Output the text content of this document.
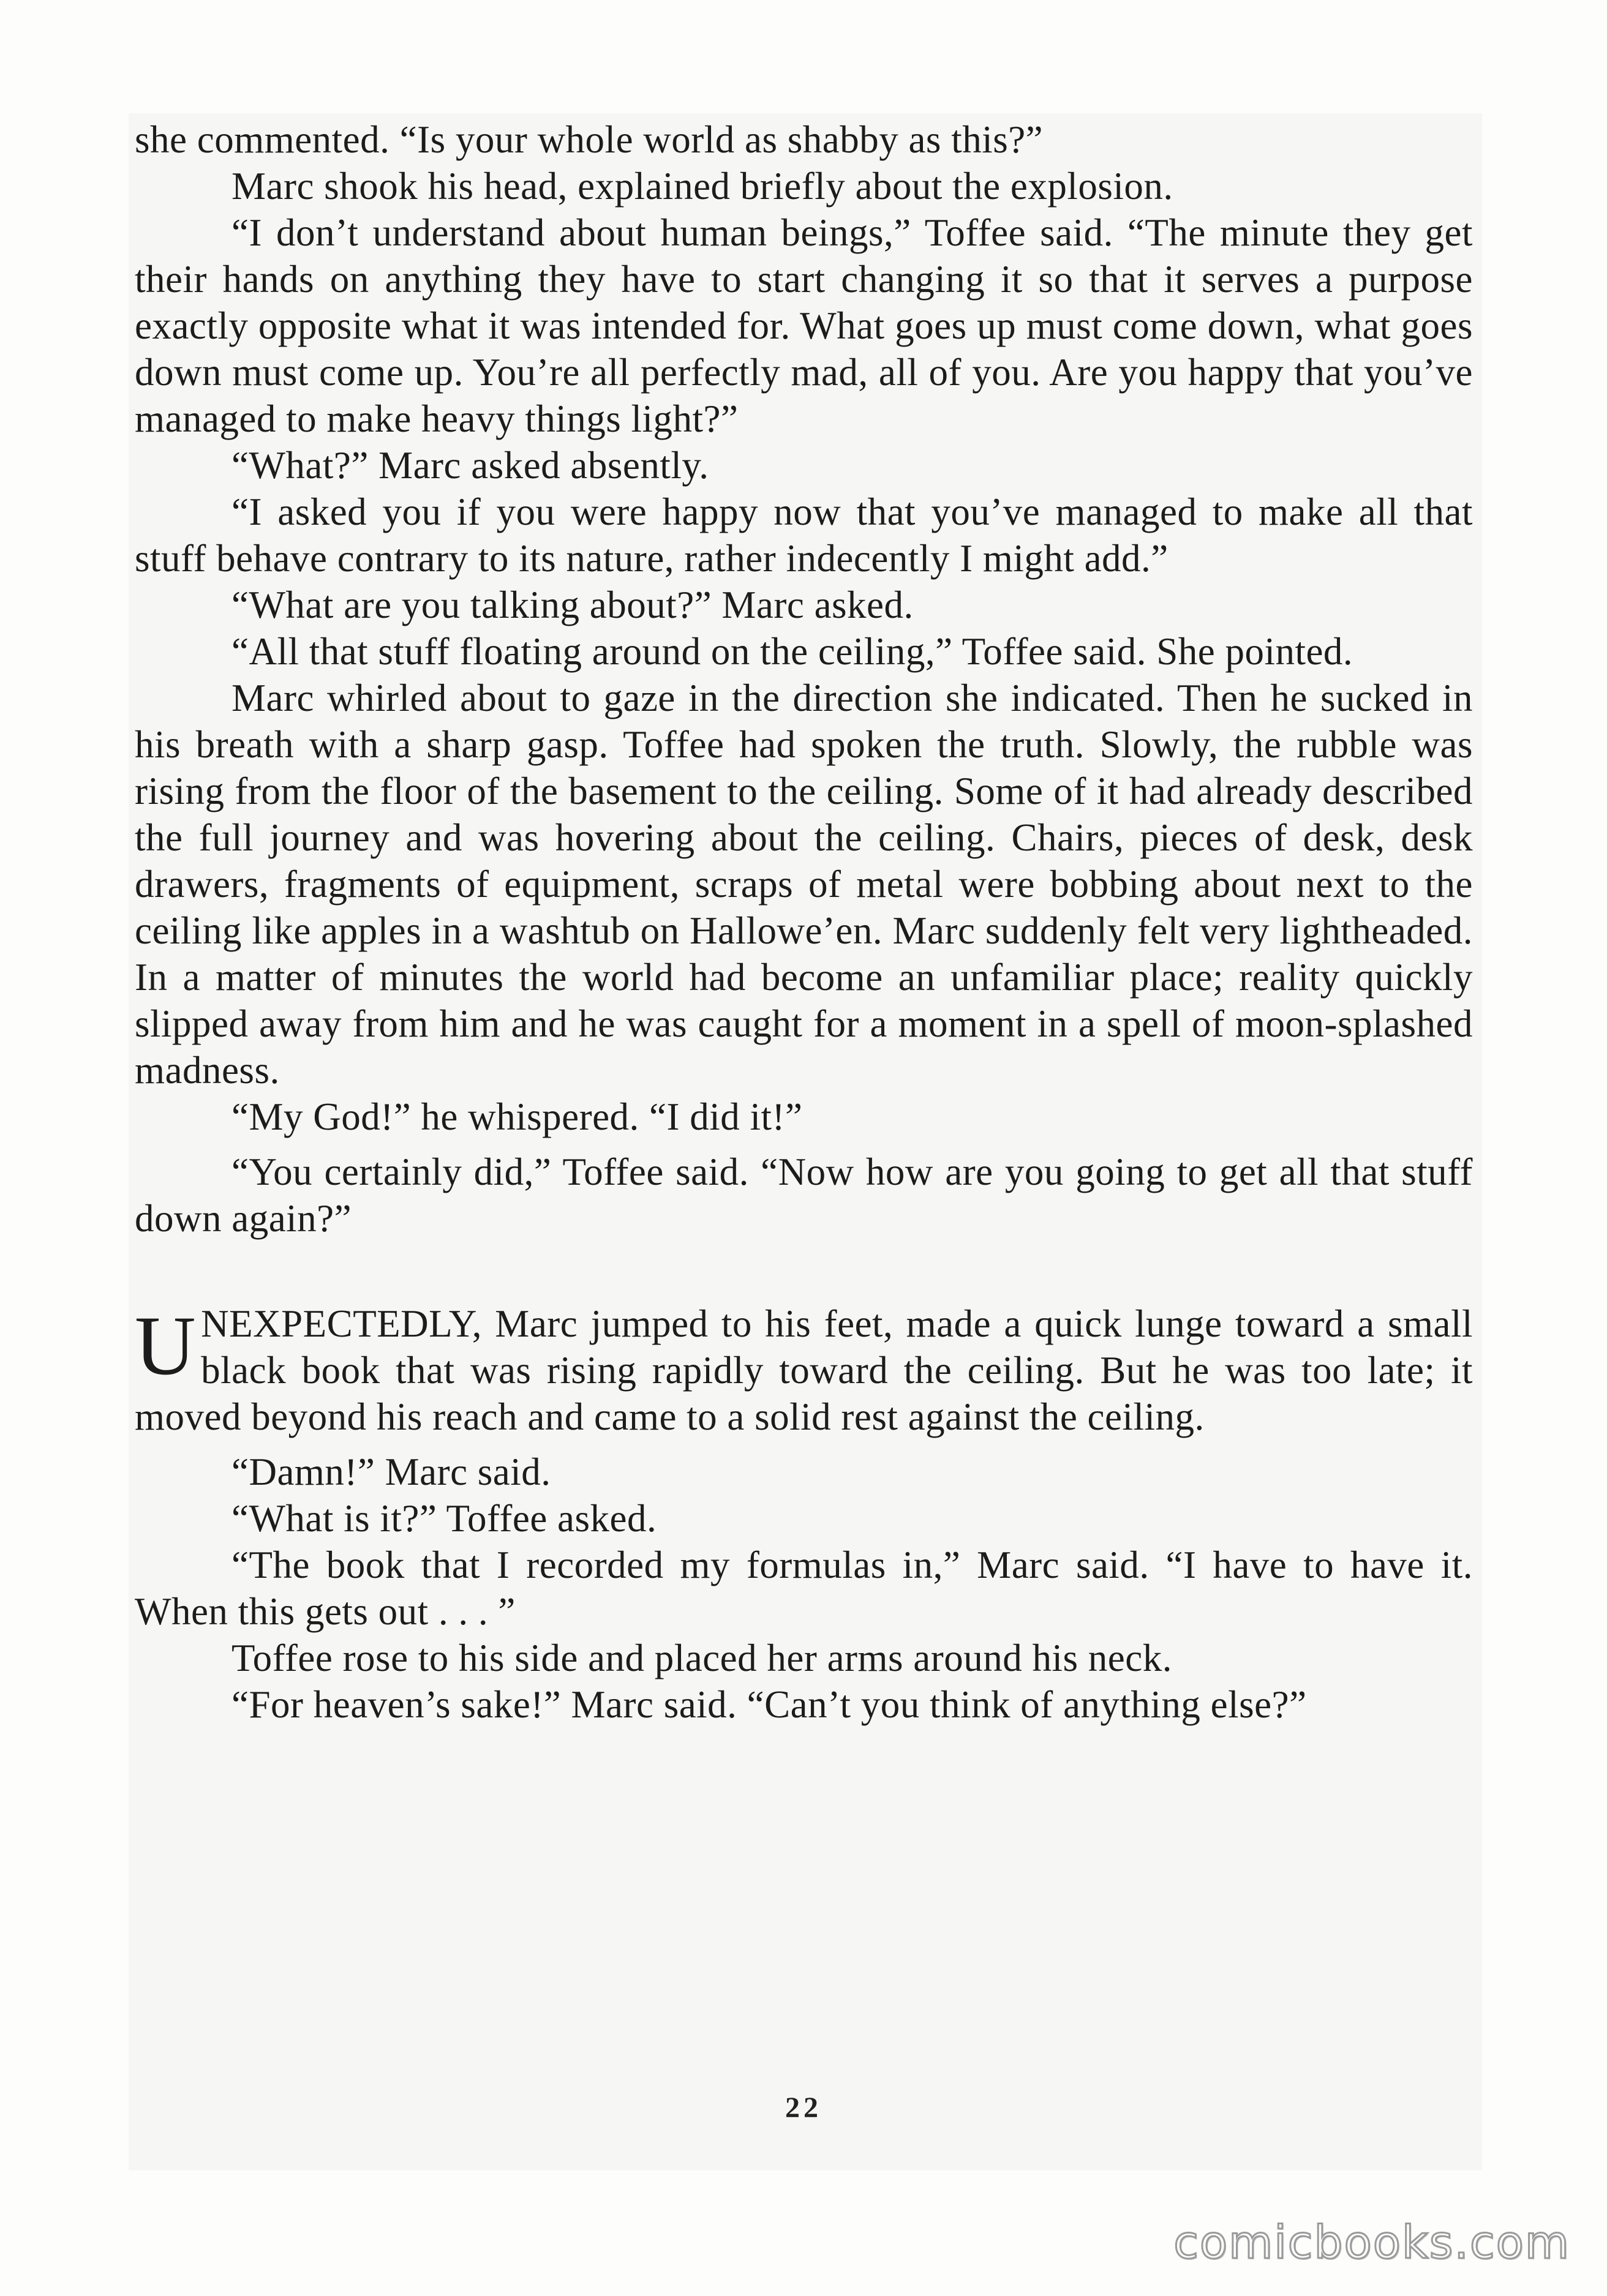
she commented. “Is your whole world as shabby as this?”

Marc shook his head, explained briefly about the explosion.

“I don’t understand about human beings,” Toffee said. “The minute they get their hands on anything they have to start changing it so that it serves a purpose exactly opposite what it was intended for. What goes up must come down, what goes down must come up. You’re all perfectly mad, all of you. Are you happy that you’ve managed to make heavy things light?”

“What?” Marc asked absently.

“I asked you if you were happy now that you’ve managed to make all that stuff behave contrary to its nature, rather indecently I might add.”

“What are you talking about?” Marc asked.

“All that stuff floating around on the ceiling,” Toffee said. She pointed.

Marc whirled about to gaze in the direction she indicated. Then he sucked in his breath with a sharp gasp. Toffee had spoken the truth. Slowly, the rubble was rising from the floor of the basement to the ceiling. Some of it had already described the full journey and was hovering about the ceiling. Chairs, pieces of desk, desk drawers, fragments of equipment, scraps of metal were bobbing about next to the ceiling like apples in a washtub on Hallowe’en. Marc suddenly felt very lightheaded. In a matter of minutes the world had become an unfamiliar place; reality quickly slipped away from him and he was caught for a moment in a spell of moon-splashed madness.

“My God!” he whispered. “I did it!”

“You certainly did,” Toffee said. “Now how are you going to get all that stuff down again?”

UNEXPECTEDLY, Marc jumped to his feet, made a quick lunge toward a small black book that was rising rapidly toward the ceiling. But he was too late; it moved beyond his reach and came to a solid rest against the ceiling.

“Damn!” Marc said.

“What is it?” Toffee asked.

“The book that I recorded my formulas in,” Marc said. “I have to have it. When this gets out . . . ”

Toffee rose to his side and placed her arms around his neck.

“For heaven’s sake!” Marc said. “Can’t you think of anything else?”

22
comicbooks.com
